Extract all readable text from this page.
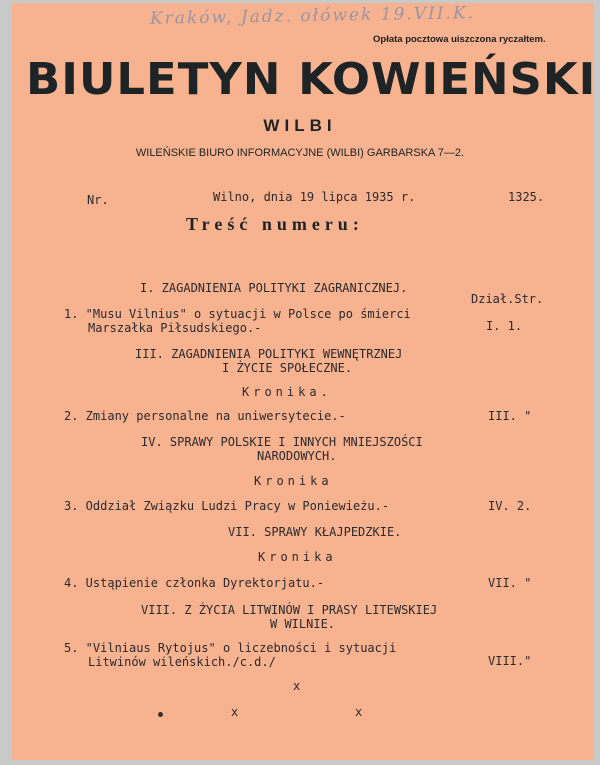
Kraków, Jadz. ołówek 19.VII.K.
Opłata pocztowa uiszczona ryczałtem.
BIULETYN KOWIEŃSKI
WILBI
WILEŃSKIE BIURO INFORMACYJNE (WILBI) GARBARSKA 7—2.
Nr.	Wilno, dnia 19 lipca 1935 r.	1325.
Treść numeru:
I. ZAGADNIENIA POLITYKI ZAGRANICZNEJ.
Dział.Str.
1. "Musu Vilnius" o sytuacji w Polsce po śmierci
Marszałka Piłsudskiego.-	I. 1.
III. ZAGADNIENIA POLITYKI WEWNĘTRZNEJ
I ŻYCIE SPOŁECZNE.
Kronika.
2. Zmiany personalne na uniwersytecie.-	III. "
IV. SPRAWY POLSKIE I INNYCH MNIEJSZOŚCI
NARODOWYCH.
Kronika
3. Oddział Związku Ludzi Pracy w Poniewieżu.-	IV. 2.
VII. SPRAWY KŁAJPEDZKIE.
Kronika
4. Ustąpienie członka Dyrektorjatu.-	VII. "
VIII. Z ŻYCIA LITWINÓW I PRASY LITEWSKIEJ
W WILNIE.
5. "Vilniaus Rytojus" o liczebności i sytuacji
Litwinów wileńskich./c.d./	VIII."
x
x	x
